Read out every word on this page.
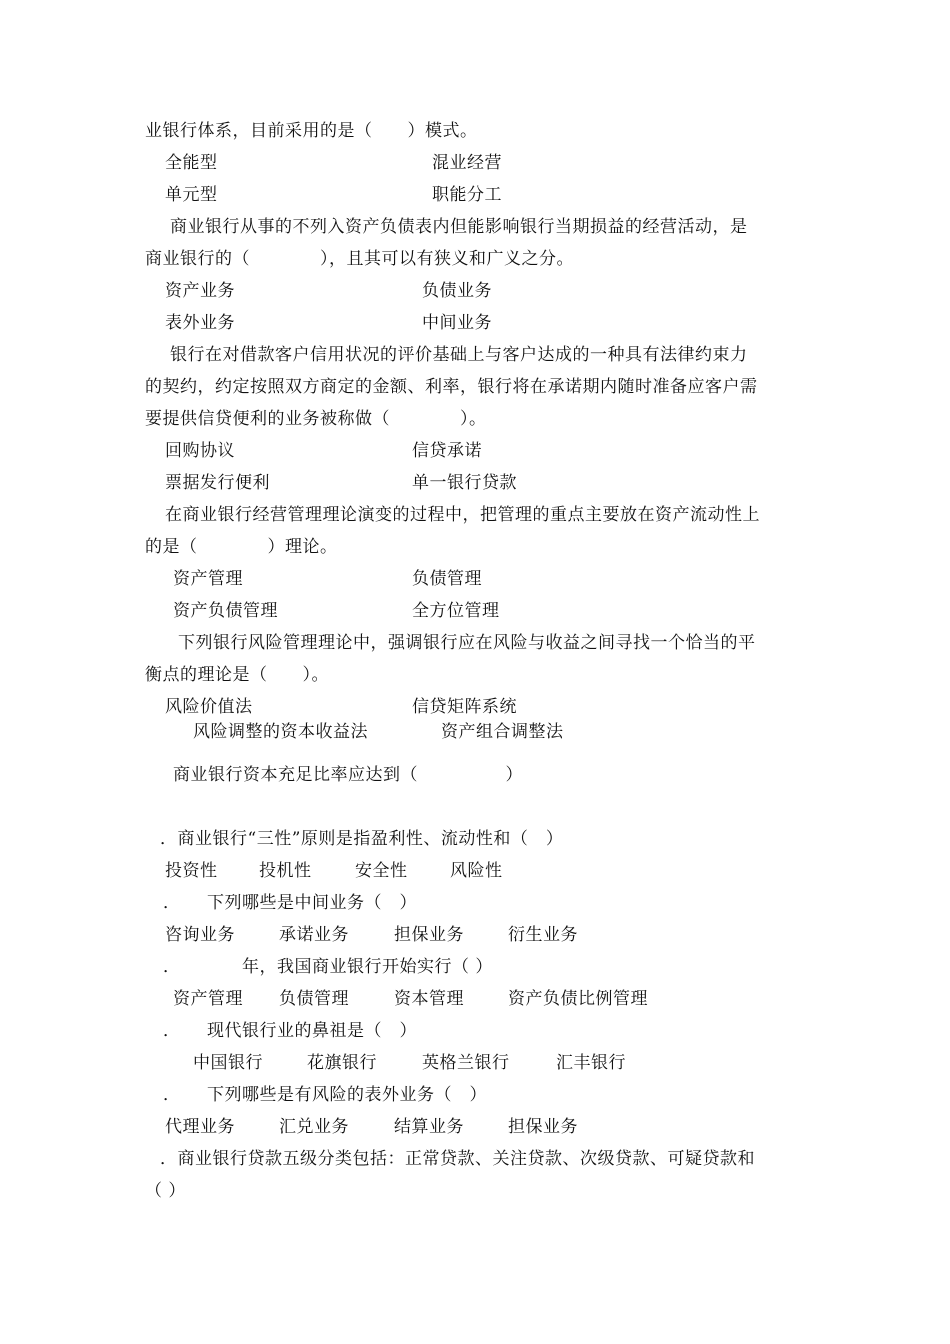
业银行体系，目前采用的是（　　）模式。
全能型	混业经营
单元型	职能分工
商业银行从事的不列入资产负债表内但能影响银行当期损益的经营活动，是
商业银行的（　　　　），且其可以有狭义和广义之分。
资产业务	负债业务
表外业务	中间业务
银行在对借款客户信用状况的评价基础上与客户达成的一种具有法律约束力
的契约，约定按照双方商定的金额、利率，银行将在承诺期内随时准备应客户需
要提供信贷便利的业务被称做（　　　　）。
回购协议	信贷承诺
票据发行便利	单一银行贷款
在商业银行经营管理理论演变的过程中，把管理的重点主要放在资产流动性上
的是（　　　　）理论。
资产管理	负债管理
资产负债管理	全方位管理
下列银行风险管理理论中，强调银行应在风险与收益之间寻找一个恰当的平
衡点的理论是（　　）。
风险价值法	信贷矩阵系统
风险调整的资本收益法	资产组合调整法
商业银行资本充足比率应达到（　　　　　）
．商业银行“三性”原则是指盈利性、流动性和（　）
投资性 投机性	安全性	风险性
．　　下列哪些是中间业务（　）
咨询业务	承诺业务	担保业务	衍生业务
．　　　　年，我国商业银行开始实行（ ）
资产管理 负债管理	资本管理	资产负债比例管理
．　　现代银行业的鼻祖是（　）
中国银行	花旗银行	英格兰银行	汇丰银行
．　　下列哪些是有风险的表外业务（　）
代理业务	汇兑业务	结算业务	担保业务
．商业银行贷款五级分类包括：正常贷款、关注贷款、次级贷款、可疑贷款和
（ ）
